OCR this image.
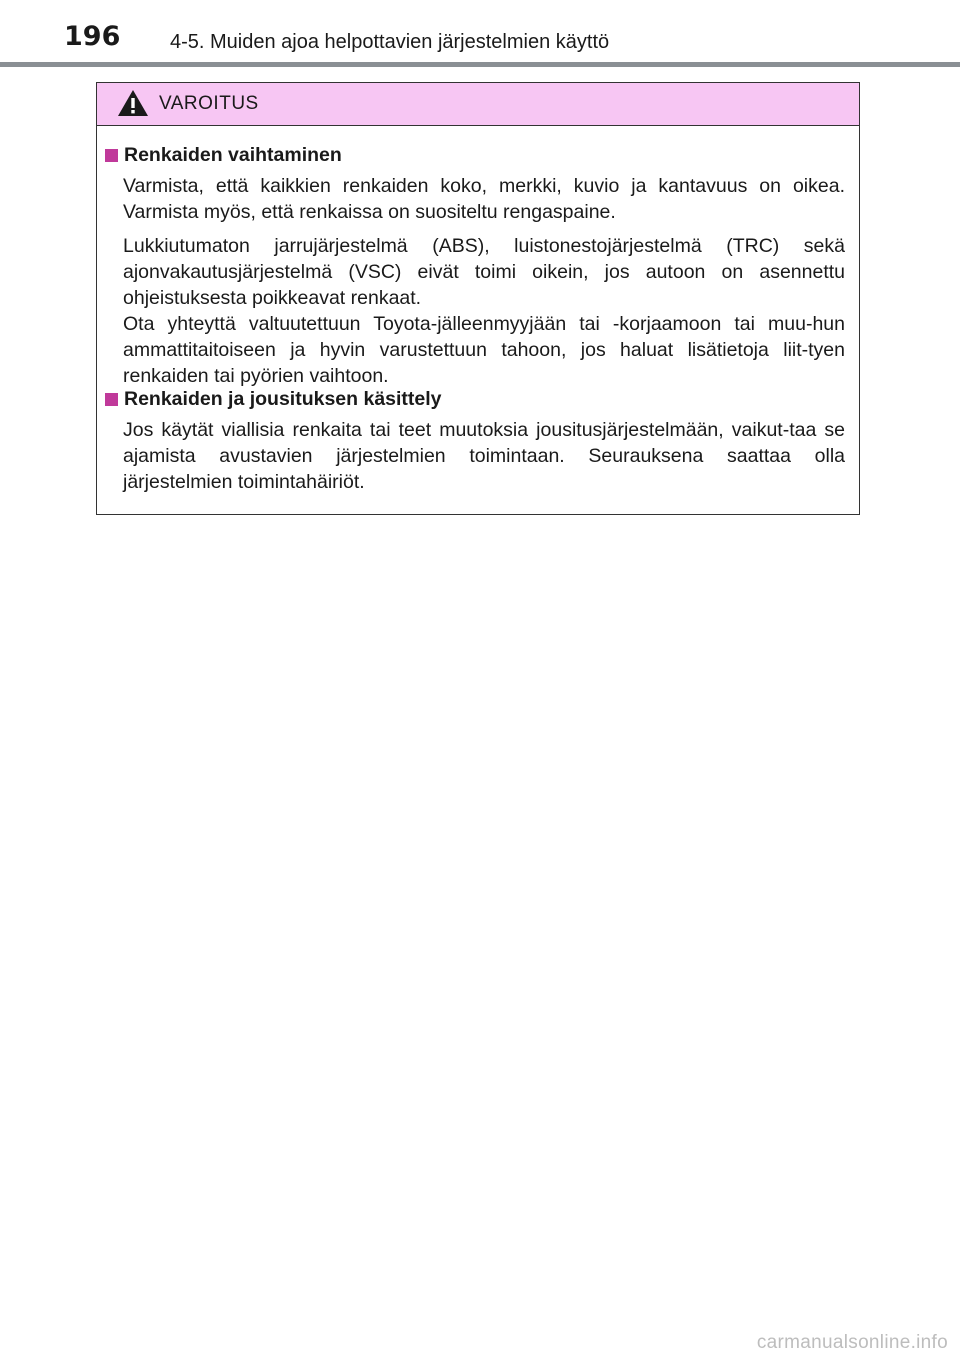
196 4-5. Muiden ajoa helpottavien järjestelmien käyttö
VAROITUS
Renkaiden vaihtaminen

Varmista, että kaikkien renkaiden koko, merkki, kuvio ja kantavuus on oikea. Varmista myös, että renkaissa on suositeltu rengaspaine.

Lukkiutumaton jarrujärjestelmä (ABS), luistonestojärjestelmä (TRC) sekä ajonvakautusjärjestelmä (VSC) eivät toimi oikein, jos autoon on asennettu ohjeistuksesta poikkeavat renkaat.

Ota yhteyttä valtuutettuun Toyota-jälleenmyyjään tai -korjaamoon tai muu-hun ammattitaitoiseen ja hyvin varustettuun tahoon, jos haluat lisätietoja liit-tyen renkaiden tai pyörien vaihtoon.

Renkaiden ja jousituksen käsittely

Jos käytät viallisia renkaita tai teet muutoksia jousitusjärjestelmään, vaikut-taa se ajamista avustavien järjestelmien toimintaan. Seurauksena saattaa olla järjestelmien toimintahäiriöt.

carmanualsonline.info
